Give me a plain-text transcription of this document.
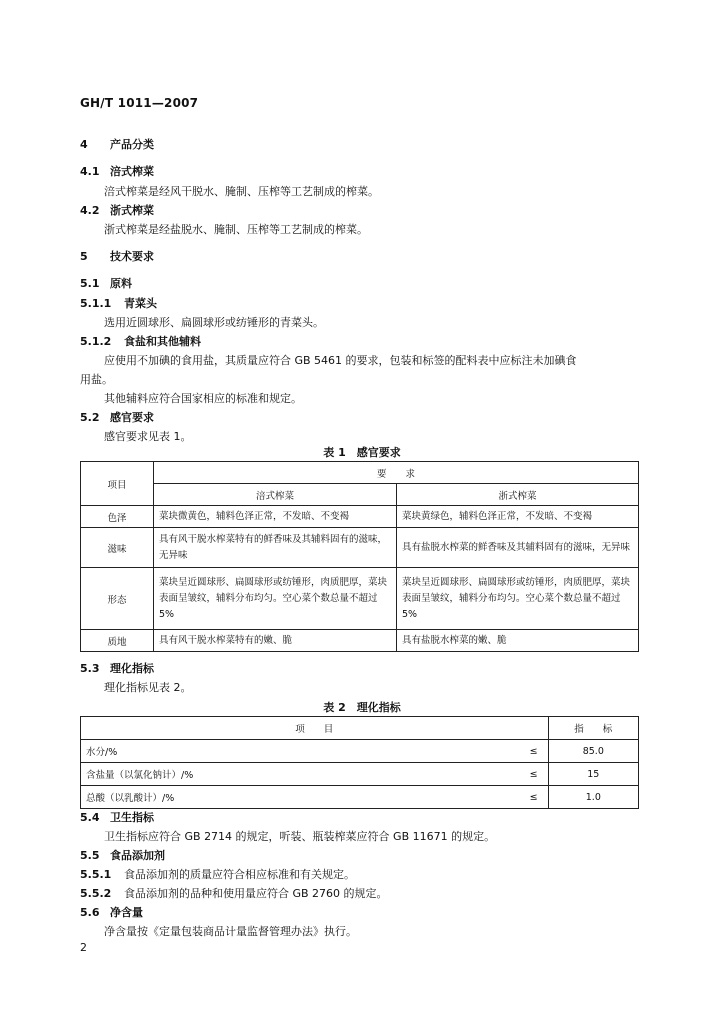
GH/T 1011—2007
4 产品分类
4.1 涪式榨菜
涪式榨菜是经风干脱水、腌制、压榨等工艺制成的榨菜。
4.2 浙式榨菜
浙式榨菜是经盐脱水、腌制、压榨等工艺制成的榨菜。
5 技术要求
5.1 原料
5.1.1 青菜头
选用近圆球形、扁圆球形或纺锤形的青菜头。
5.1.2 食盐和其他辅料
应使用不加碘的食用盐，其质量应符合 GB 5461 的要求，包装和标签的配料表中应标注未加碘食
用盐。
其他辅料应符合国家相应的标准和规定。
5.2 感官要求
感官要求见表 1。
表 1　感官要求
项目	要　　求	
	涪式榨菜	浙式榨菜
色泽	菜块微黄色，辅料色泽正常，不发暗、不变褐	菜块黄绿色，辅料色泽正常，不发暗、不变褐
滋味	具有风干脱水榨菜特有的鲜香味及其辅料固有的滋味，无异味	具有盐脱水榨菜的鲜香味及其辅料固有的滋味，无异味
形态	菜块呈近圆球形、扁圆球形或纺锤形，肉质肥厚，菜块表面呈皱纹，辅料分布均匀。空心菜个数总量不超过 5%	菜块呈近圆球形、扁圆球形或纺锤形，肉质肥厚，菜块表面呈皱纹，辅料分布均匀。空心菜个数总量不超过 5%
质地	具有风干脱水榨菜特有的嫩、脆	具有盐脱水榨菜的嫩、脆
5.3 理化指标
理化指标见表 2。
表 2　理化指标
项　　目		指　　标
水分/%	≤	85.0
含盐量（以氯化钠计）/%	≤	15
总酸（以乳酸计）/%	≤	1.0
5.4 卫生指标
卫生指标应符合 GB 2714 的规定，听装、瓶装榨菜应符合 GB 11671 的规定。
5.5 食品添加剂
5.5.1 食品添加剂的质量应符合相应标准和有关规定。
5.5.2 食品添加剂的品种和使用量应符合 GB 2760 的规定。
5.6 净含量
净含量按《定量包装商品计量监督管理办法》执行。
2
